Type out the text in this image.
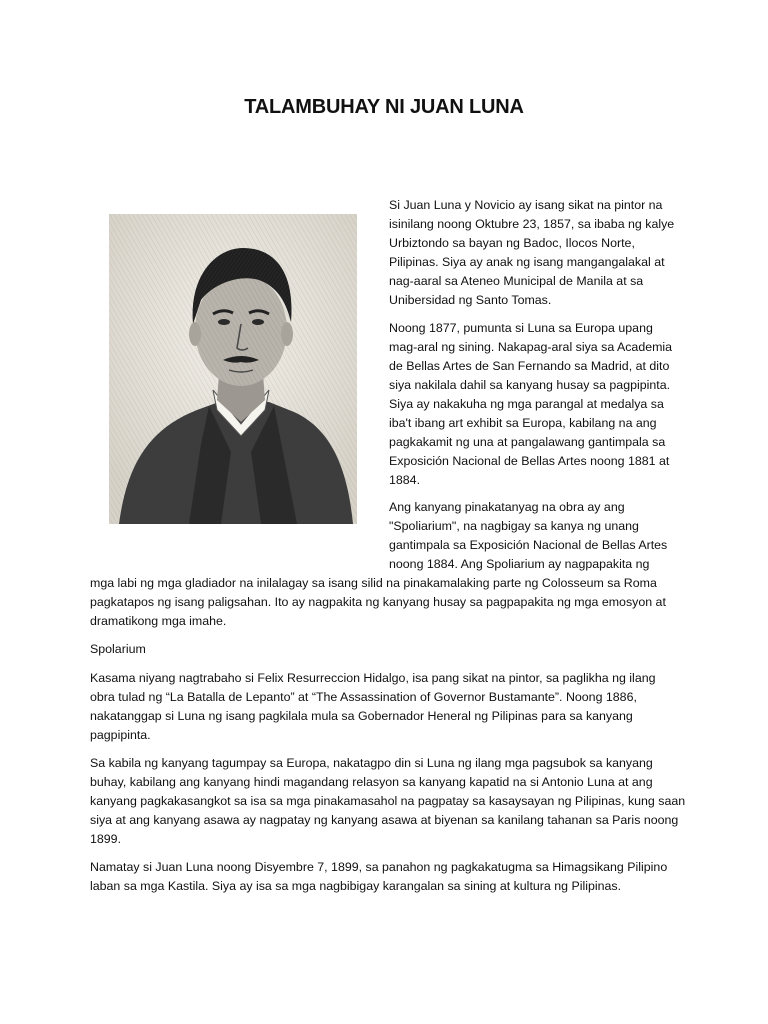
TALAMBUHAY NI JUAN LUNA
Si Juan Luna y Novicio ay isang sikat na pintor na
isinilang noong Oktubre 23, 1857, sa ibaba ng kalye
Urbiztondo sa bayan ng Badoc, Ilocos Norte,
Pilipinas. Siya ay anak ng isang mangangalakal at
nag-aaral sa Ateneo Municipal de Manila at sa
Unibersidad ng Santo Tomas.
Noong 1877, pumunta si Luna sa Europa upang
mag-aral ng sining. Nakapag-aral siya sa Academia
de Bellas Artes de San Fernando sa Madrid, at dito
siya nakilala dahil sa kanyang husay sa pagpipinta.
Siya ay nakakuha ng mga parangal at medalya sa
iba't ibang art exhibit sa Europa, kabilang na ang
pagkakamit ng una at pangalawang gantimpala sa
Exposición Nacional de Bellas Artes noong 1881 at
1884.
Ang kanyang pinakatanyag na obra ay ang
"Spoliarium", na nagbigay sa kanya ng unang
gantimpala sa Exposición Nacional de Bellas Artes
noong 1884. Ang Spoliarium ay nagpapakita ng
mga labi ng mga gladiador na inilalagay sa isang silid na pinakamalaking parte ng Colosseum sa Roma
pagkatapos ng isang paligsahan. Ito ay nagpakita ng kanyang husay sa pagpapakita ng mga emosyon at
dramatikong mga imahe.
Spolarium
Kasama niyang nagtrabaho si Felix Resurreccion Hidalgo, isa pang sikat na pintor, sa paglikha ng ilang
obra tulad ng “La Batalla de Lepanto” at “The Assassination of Governor Bustamante”. Noong 1886,
nakatanggap si Luna ng isang pagkilala mula sa Gobernador Heneral ng Pilipinas para sa kanyang
pagpipinta.
Sa kabila ng kanyang tagumpay sa Europa, nakatagpo din si Luna ng ilang mga pagsubok sa kanyang
buhay, kabilang ang kanyang hindi magandang relasyon sa kanyang kapatid na si Antonio Luna at ang
kanyang pagkakasangkot sa isa sa mga pinakamasahol na pagpatay sa kasaysayan ng Pilipinas, kung saan
siya at ang kanyang asawa ay nagpatay ng kanyang asawa at biyenan sa kanilang tahanan sa Paris noong
1899.
Namatay si Juan Luna noong Disyembre 7, 1899, sa panahon ng pagkakatugma sa Himagsikang Pilipino
laban sa mga Kastila. Siya ay isa sa mga nagbibigay karangalan sa sining at kultura ng Pilipinas.
